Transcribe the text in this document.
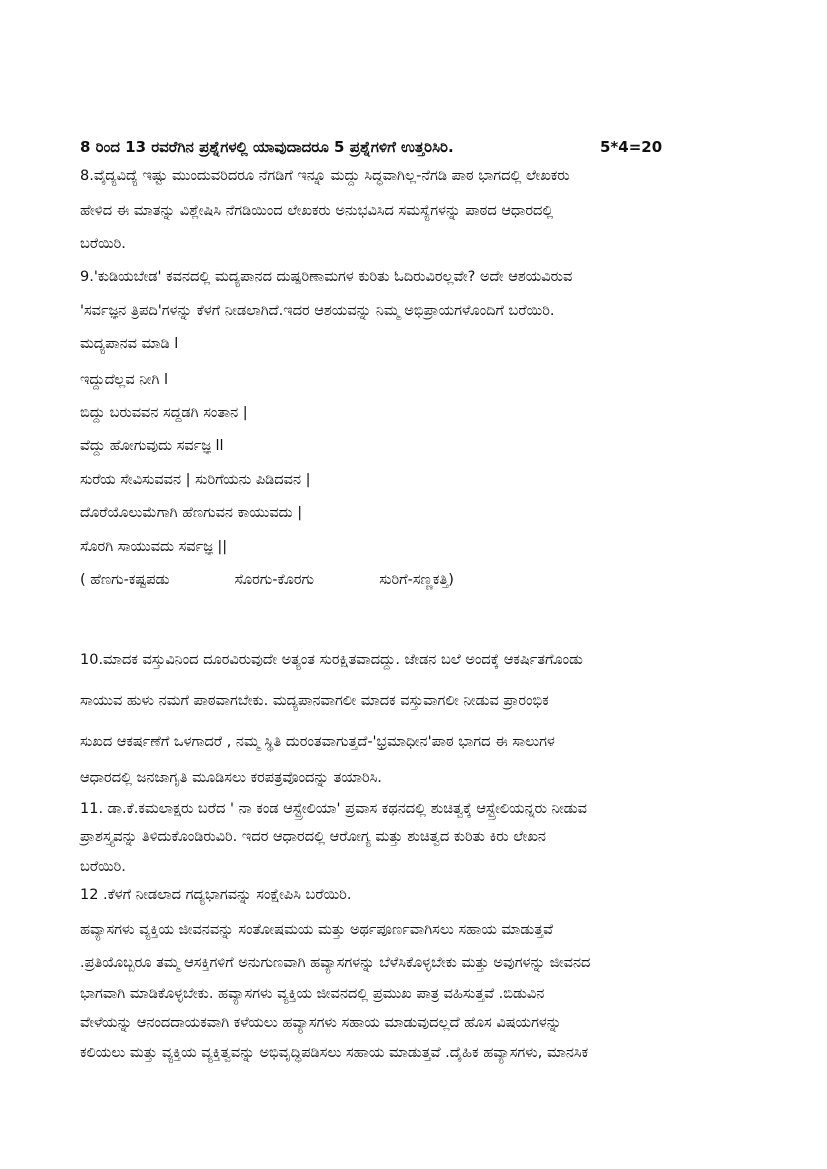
8 ರಿಂದ 13 ರವರೆಗಿನ ಪ್ರಶ್ನೆಗಳಲ್ಲಿ ಯಾವುದಾದರೂ 5 ಪ್ರಶ್ನೆಗಳಿಗೆ ಉತ್ತರಿಸಿರಿ.	5*4=20
8.ವೈದ್ಯವಿದ್ಯೆ ಇಷ್ಟು ಮುಂದುವರಿದರೂ ನೆಗಡಿಗೆ ಇನ್ನೂ ಮದ್ದು ಸಿದ್ಧವಾಗಿಲ್ಲ-ನೆಗಡಿ ಪಾಠ ಭಾಗದಲ್ಲಿ ಲೇಖಕರು
ಹೇಳಿದ ಈ ಮಾತನ್ನು ವಿಶ್ಲೇಷಿಸಿ ನೆಗಡಿಯಿಂದ ಲೇಖಕರು ಅನುಭವಿಸಿದ ಸಮಸ್ಯೆಗಳನ್ನು ಪಾಠದ ಆಧಾರದಲ್ಲಿ
ಬರೆಯಿರಿ.
9.'ಕುಡಿಯಬೇಡ' ಕವನದಲ್ಲಿ ಮದ್ಯಪಾನದ ದುಷ್ಪರಿಣಾಮಗಳ ಕುರಿತು ಓದಿರುವಿರಲ್ಲವೇ? ಅದೇ ಆಶಯವಿರುವ
'ಸರ್ವಜ್ಞನ ತ್ರಿಪದಿ'ಗಳನ್ನು ಕೆಳಗೆ ನೀಡಲಾಗಿದೆ.ಇದರ ಆಶಯವನ್ನು ನಿಮ್ಮ ಅಭಿಪ್ರಾಯಗಳೊಂದಿಗೆ ಬರೆಯಿರಿ.
ಮದ್ಯಪಾನವ ಮಾಡಿ l
ಇದ್ದುದೆಲ್ಲವ ನೀಗಿ l
ಬಿದ್ದು ಬರುವವನ ಸದ್ದಡಗಿ ಸಂತಾನ |
ವೆದ್ದು ಹೋಗುವುದು ಸರ್ವಜ್ಞ ll
ಸುರೆಯ ಸೇವಿಸುವವನ | ಸುರಿಗೆಯನು ಪಿಡಿದವನ |
ದೊರೆಯೊಲುಮೆಗಾಗಿ ಹೆಣಗುವನ ಕಾಯುವದು |
ಸೊರಗಿ ಸಾಯುವದು ಸರ್ವಜ್ಞ ||
( ಹೆಣಗು-ಕಷ್ಟಪಡು	ಸೊರಗು-ಕೊರಗು	ಸುರಿಗೆ-ಸಣ್ಣಕತ್ತಿ)
10.ಮಾದಕ ವಸ್ತುವಿನಿಂದ ದೂರವಿರುವುದೇ ಅತ್ಯಂತ ಸುರಕ್ಷಿತವಾದದ್ದು. ಜೇಡನ ಬಲೆ ಅಂದಕ್ಕೆ ಆಕರ್ಷಿತಗೊಂಡು
ಸಾಯುವ ಹುಳು ನಮಗೆ ಪಾಠವಾಗಬೇಕು. ಮದ್ಯಪಾನವಾಗಲೀ ಮಾದಕ ವಸ್ತುವಾಗಲೀ ನೀಡುವ ಪ್ರಾರಂಭಿಕ
ಸುಖದ ಆಕರ್ಷಣೆಗೆ ಒಳಗಾದರೆ , ನಮ್ಮ ಸ್ಥಿತಿ ದುರಂತವಾಗುತ್ತದೆ-'ಭ್ರಮಾಧೀನ'ಪಾಠ ಭಾಗದ ಈ ಸಾಲುಗಳ
ಆಧಾರದಲ್ಲಿ ಜನಜಾಗೃತಿ ಮೂಡಿಸಲು ಕರಪತ್ರವೊಂದನ್ನು ತಯಾರಿಸಿ.
11. ಡಾ.ಕೆ.ಕಮಲಾಕ್ಷರು ಬರೆದ ' ನಾ ಕಂಡ ಆಸ್ಟ್ರೇಲಿಯಾ' ಪ್ರವಾಸ ಕಥನದಲ್ಲಿ ಶುಚಿತ್ವಕ್ಕೆ ಆಸ್ಟ್ರೇಲಿಯನ್ನರು ನೀಡುವ
ಪ್ರಾಶಸ್ತ್ಯವನ್ನು ತಿಳಿದುಕೊಂಡಿರುವಿರಿ. ಇದರ ಆಧಾರದಲ್ಲಿ ಆರೋಗ್ಯ ಮತ್ತು ಶುಚಿತ್ವದ ಕುರಿತು ಕಿರು ಲೇಖನ
ಬರೆಯಿರಿ.
12 .ಕೆಳಗೆ ನೀಡಲಾದ ಗದ್ಯಭಾಗವನ್ನು ಸಂಕ್ಷೇಪಿಸಿ ಬರೆಯಿರಿ.
ಹವ್ಯಾಸಗಳು ವ್ಯಕ್ತಿಯ ಜೀವನವನ್ನು ಸಂತೋಷಮಯ ಮತ್ತು ಅರ್ಥಪೂರ್ಣವಾಗಿಸಲು ಸಹಾಯ ಮಾಡುತ್ತವೆ
.ಪ್ರತಿಯೊಬ್ಬರೂ ತಮ್ಮ ಆಸಕ್ತಿಗಳಿಗೆ ಅನುಗುಣವಾಗಿ ಹವ್ಯಾಸಗಳನ್ನು ಬೆಳೆಸಿಕೊಳ್ಳಬೇಕು ಮತ್ತು ಅವುಗಳನ್ನು ಜೀವನದ
ಭಾಗವಾಗಿ ಮಾಡಿಕೊಳ್ಳಬೇಕು. ಹವ್ಯಾಸಗಳು ವ್ಯಕ್ತಿಯ ಜೀವನದಲ್ಲಿ ಪ್ರಮುಖ ಪಾತ್ರ ವಹಿಸುತ್ತವೆ .ಬಿಡುವಿನ
ವೇಳೆಯನ್ನು ಆನಂದದಾಯಕವಾಗಿ ಕಳೆಯಲು ಹವ್ಯಾಸಗಳು ಸಹಾಯ ಮಾಡುವುದಲ್ಲದೆ ಹೊಸ ವಿಷಯಗಳನ್ನು
ಕಲಿಯಲು ಮತ್ತು ವ್ಯಕ್ತಿಯ ವ್ಯಕ್ತಿತ್ವವನ್ನು ಅಭಿವೃದ್ಧಿಪಡಿಸಲು ಸಹಾಯ ಮಾಡುತ್ತವೆ .ದೈಹಿಕ ಹವ್ಯಾಸಗಳು, ಮಾನಸಿಕ
